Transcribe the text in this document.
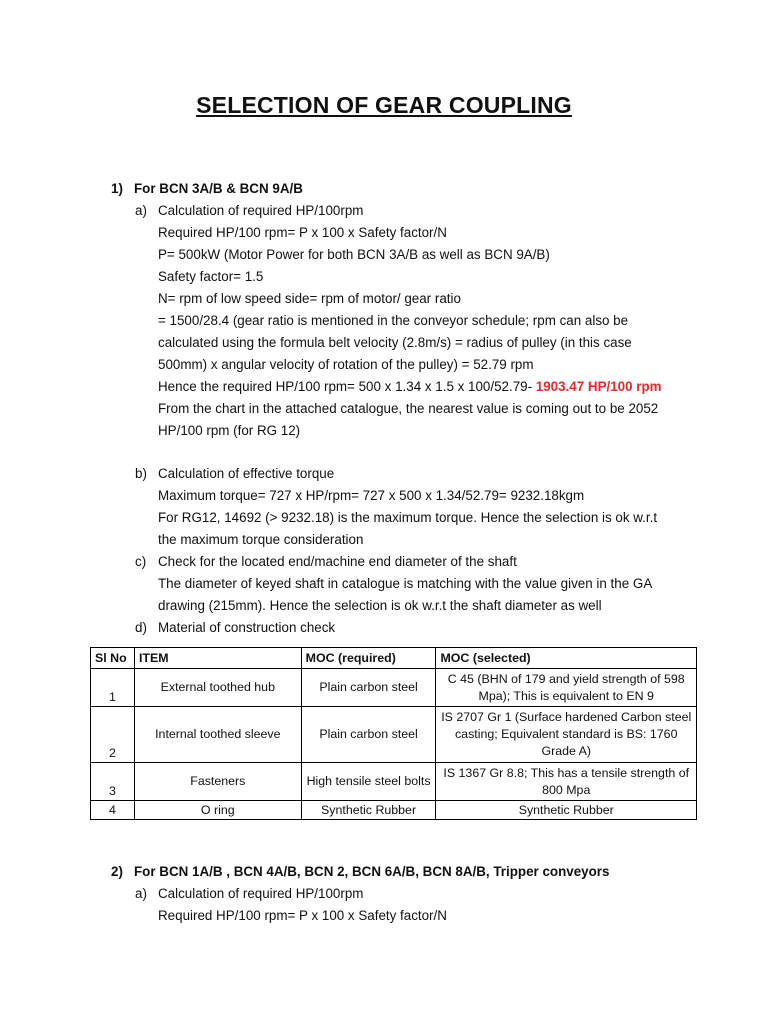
SELECTION OF GEAR COUPLING
1) For BCN 3A/B & BCN 9A/B
a) Calculation of required HP/100rpm
Required HP/100 rpm= P x 100 x Safety factor/N
P= 500kW (Motor Power for both BCN 3A/B as well as BCN 9A/B)
Safety factor= 1.5
N= rpm of low speed side= rpm of motor/ gear ratio
= 1500/28.4 (gear ratio is mentioned in the conveyor schedule; rpm can also be
calculated using the formula belt velocity (2.8m/s) = radius of pulley (in this case
500mm) x angular velocity of rotation of the pulley) = 52.79 rpm
Hence the required HP/100 rpm= 500 x 1.34 x 1.5 x 100/52.79- 1903.47 HP/100 rpm
From the chart in the attached catalogue, the nearest value is coming out to be 2052
HP/100 rpm (for RG 12)
b) Calculation of effective torque
Maximum torque= 727 x HP/rpm= 727 x 500 x 1.34/52.79= 9232.18kgm
For RG12, 14692 (> 9232.18) is the maximum torque. Hence the selection is ok w.r.t
the maximum torque consideration
c) Check for the located end/machine end diameter of the shaft
The diameter of keyed shaft in catalogue is matching with the value given in the GA
drawing (215mm). Hence the selection is ok w.r.t the shaft diameter as well
d) Material of construction check
Sl No	ITEM	MOC (required)	MOC (selected)
1	External toothed hub	Plain carbon steel	C 45 (BHN of 179 and yield strength of 598 Mpa); This is equivalent to EN 9
2	Internal toothed sleeve	Plain carbon steel	IS 2707 Gr 1 (Surface hardened Carbon steel casting; Equivalent standard is BS: 1760 Grade A)
3	Fasteners	High tensile steel bolts	IS 1367 Gr 8.8; This has a tensile strength of 800 Mpa
4	O ring	Synthetic Rubber	Synthetic Rubber
2) For BCN 1A/B , BCN 4A/B, BCN 2, BCN 6A/B, BCN 8A/B, Tripper conveyors
a) Calculation of required HP/100rpm
Required HP/100 rpm= P x 100 x Safety factor/N
